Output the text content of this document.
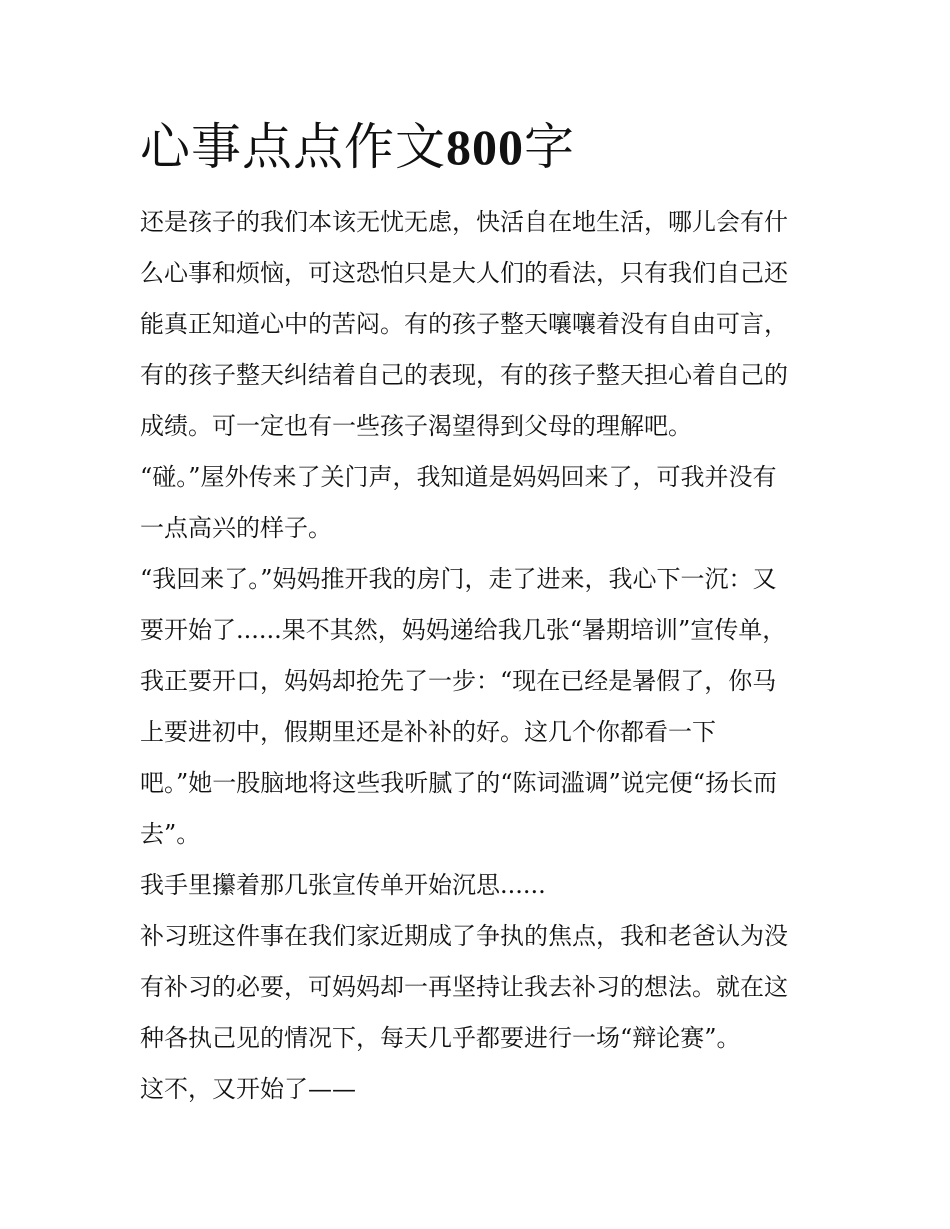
心事点点作文800字

还是孩子的我们本该无忧无虑，快活自在地生活，哪儿会有什

么心事和烦恼，可这恐怕只是大人们的看法，只有我们自己还

能真正知道心中的苦闷。有的孩子整天嚷嚷着没有自由可言，

有的孩子整天纠结着自己的表现，有的孩子整天担心着自己的

成绩。可一定也有一些孩子渴望得到父母的理解吧。

“碰。”屋外传来了关门声，我知道是妈妈回来了，可我并没有

一点高兴的样子。

“我回来了。”妈妈推开我的房门，走了进来，我心下一沉：又

要开始了......果不其然，妈妈递给我几张“暑期培训”宣传单，

我正要开口，妈妈却抢先了一步：“现在已经是暑假了，你马

上要进初中，假期里还是补补的好。这几个你都看一下

吧。”她一股脑地将这些我听腻了的“陈词滥调”说完便“扬长而

去”。

我手里攥着那几张宣传单开始沉思......

补习班这件事在我们家近期成了争执的焦点，我和老爸认为没

有补习的必要，可妈妈却一再坚持让我去补习的想法。就在这

种各执己见的情况下，每天几乎都要进行一场“辩论赛”。

这不，又开始了——
